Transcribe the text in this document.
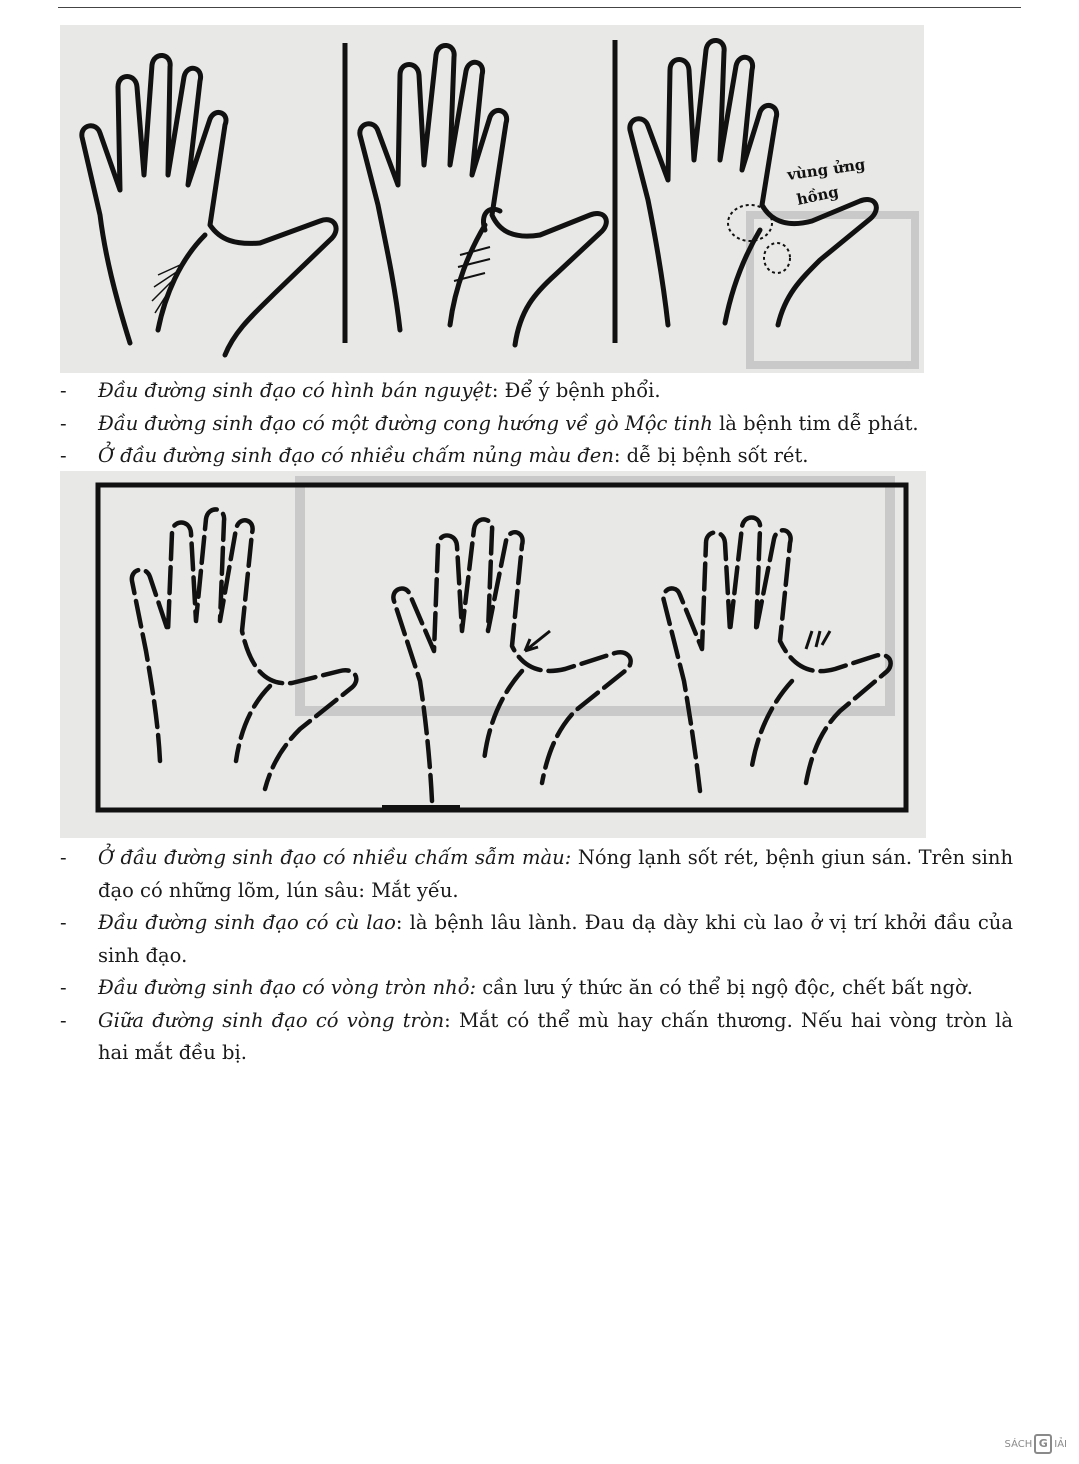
vùng ửng
hồng
- Đầu đường sinh đạo có hình bán nguyệt: Để ý bệnh phổi.
- Đầu đường sinh đạo có một đường cong hướng về gò Mộc tinh là bệnh tim dễ phát.
- Ở đầu đường sinh đạo có nhiều chấm nủng màu đen: dễ bị bệnh sốt rét.
- Ở đầu đường sinh đạo có nhiều chấm sẫm màu: Nóng lạnh sốt rét, bệnh giun sán. Trên sinh đạo có những lõm, lún sâu: Mắt yếu.
- Đầu đường sinh đạo có cù lao: là bệnh lâu lành. Đau dạ dày khi cù lao ở vị trí khởi đầu của sinh đạo.
- Đầu đường sinh đạo có vòng tròn nhỏ: cần lưu ý thức ăn có thể bị ngộ độc, chết bất ngờ.
- Giữa đường sinh đạo có vòng tròn: Mắt có thể mù hay chấn thương. Nếu hai vòng tròn là hai mắt đều bị.
SÁCH G IẢI
